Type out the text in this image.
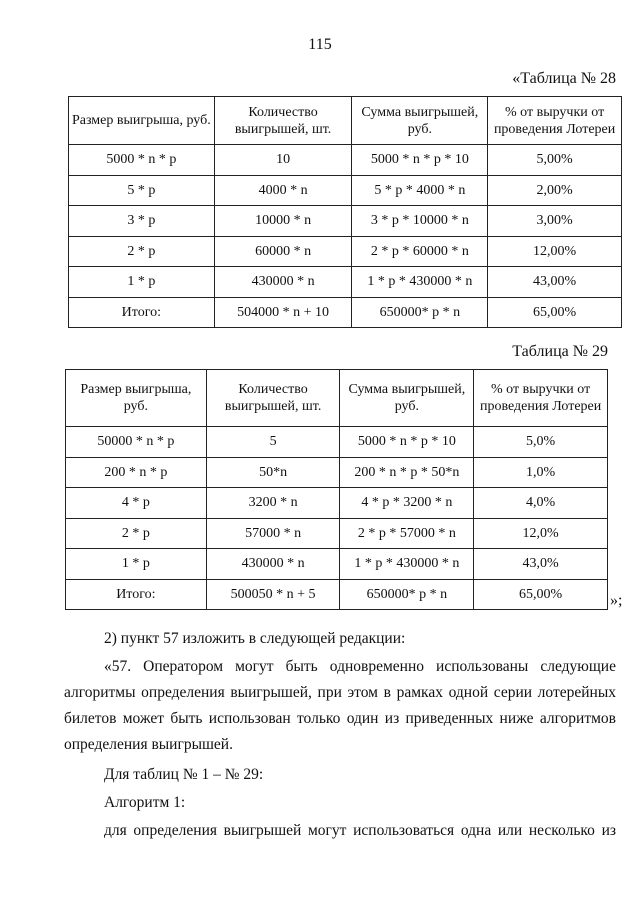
115
«Таблица № 28
Размер выигрыша, руб.	Количество выигрышей, шт.	Сумма выигрышей, руб.	% от выручки от проведения Лотереи
5000 * n * p	10	5000 * n * p * 10	5,00%
5 * p	4000 * n	5 * p * 4000 * n	2,00%
3 * p	10000 * n	3 * p * 10000 * n	3,00%
2 * p	60000 * n	2 * p * 60000 * n	12,00%
1 * p	430000 * n	1 * p * 430000 * n	43,00%
Итого:	504000 * n + 10	650000* p * n	65,00%
Таблица № 29
Размер выигрыша, руб.	Количество выигрышей, шт.	Сумма выигрышей, руб.	% от выручки от проведения Лотереи
50000 * n * p	5	5000 * n * p * 10	5,0%
200 * n * p	50*n	200 * n * p * 50*n	1,0%
4 * p	3200 * n	4 * p * 3200 * n	4,0%
2 * p	57000 * n	2 * p * 57000 * n	12,0%
1 * p	430000 * n	1 * p * 430000 * n	43,0%
Итого:	500050 * n + 5	650000* p * n	65,00%	»;
2) пункт 57 изложить в следующей редакции:
«57. Оператором могут быть одновременно использованы следующие алгоритмы определения выигрышей, при этом в рамках одной серии лотерейных билетов может быть использован только один из приведенных ниже алгоритмов определения выигрышей.
Для таблиц № 1 – № 29:
Алгоритм 1:
для определения выигрышей могут использоваться одна или несколько из
